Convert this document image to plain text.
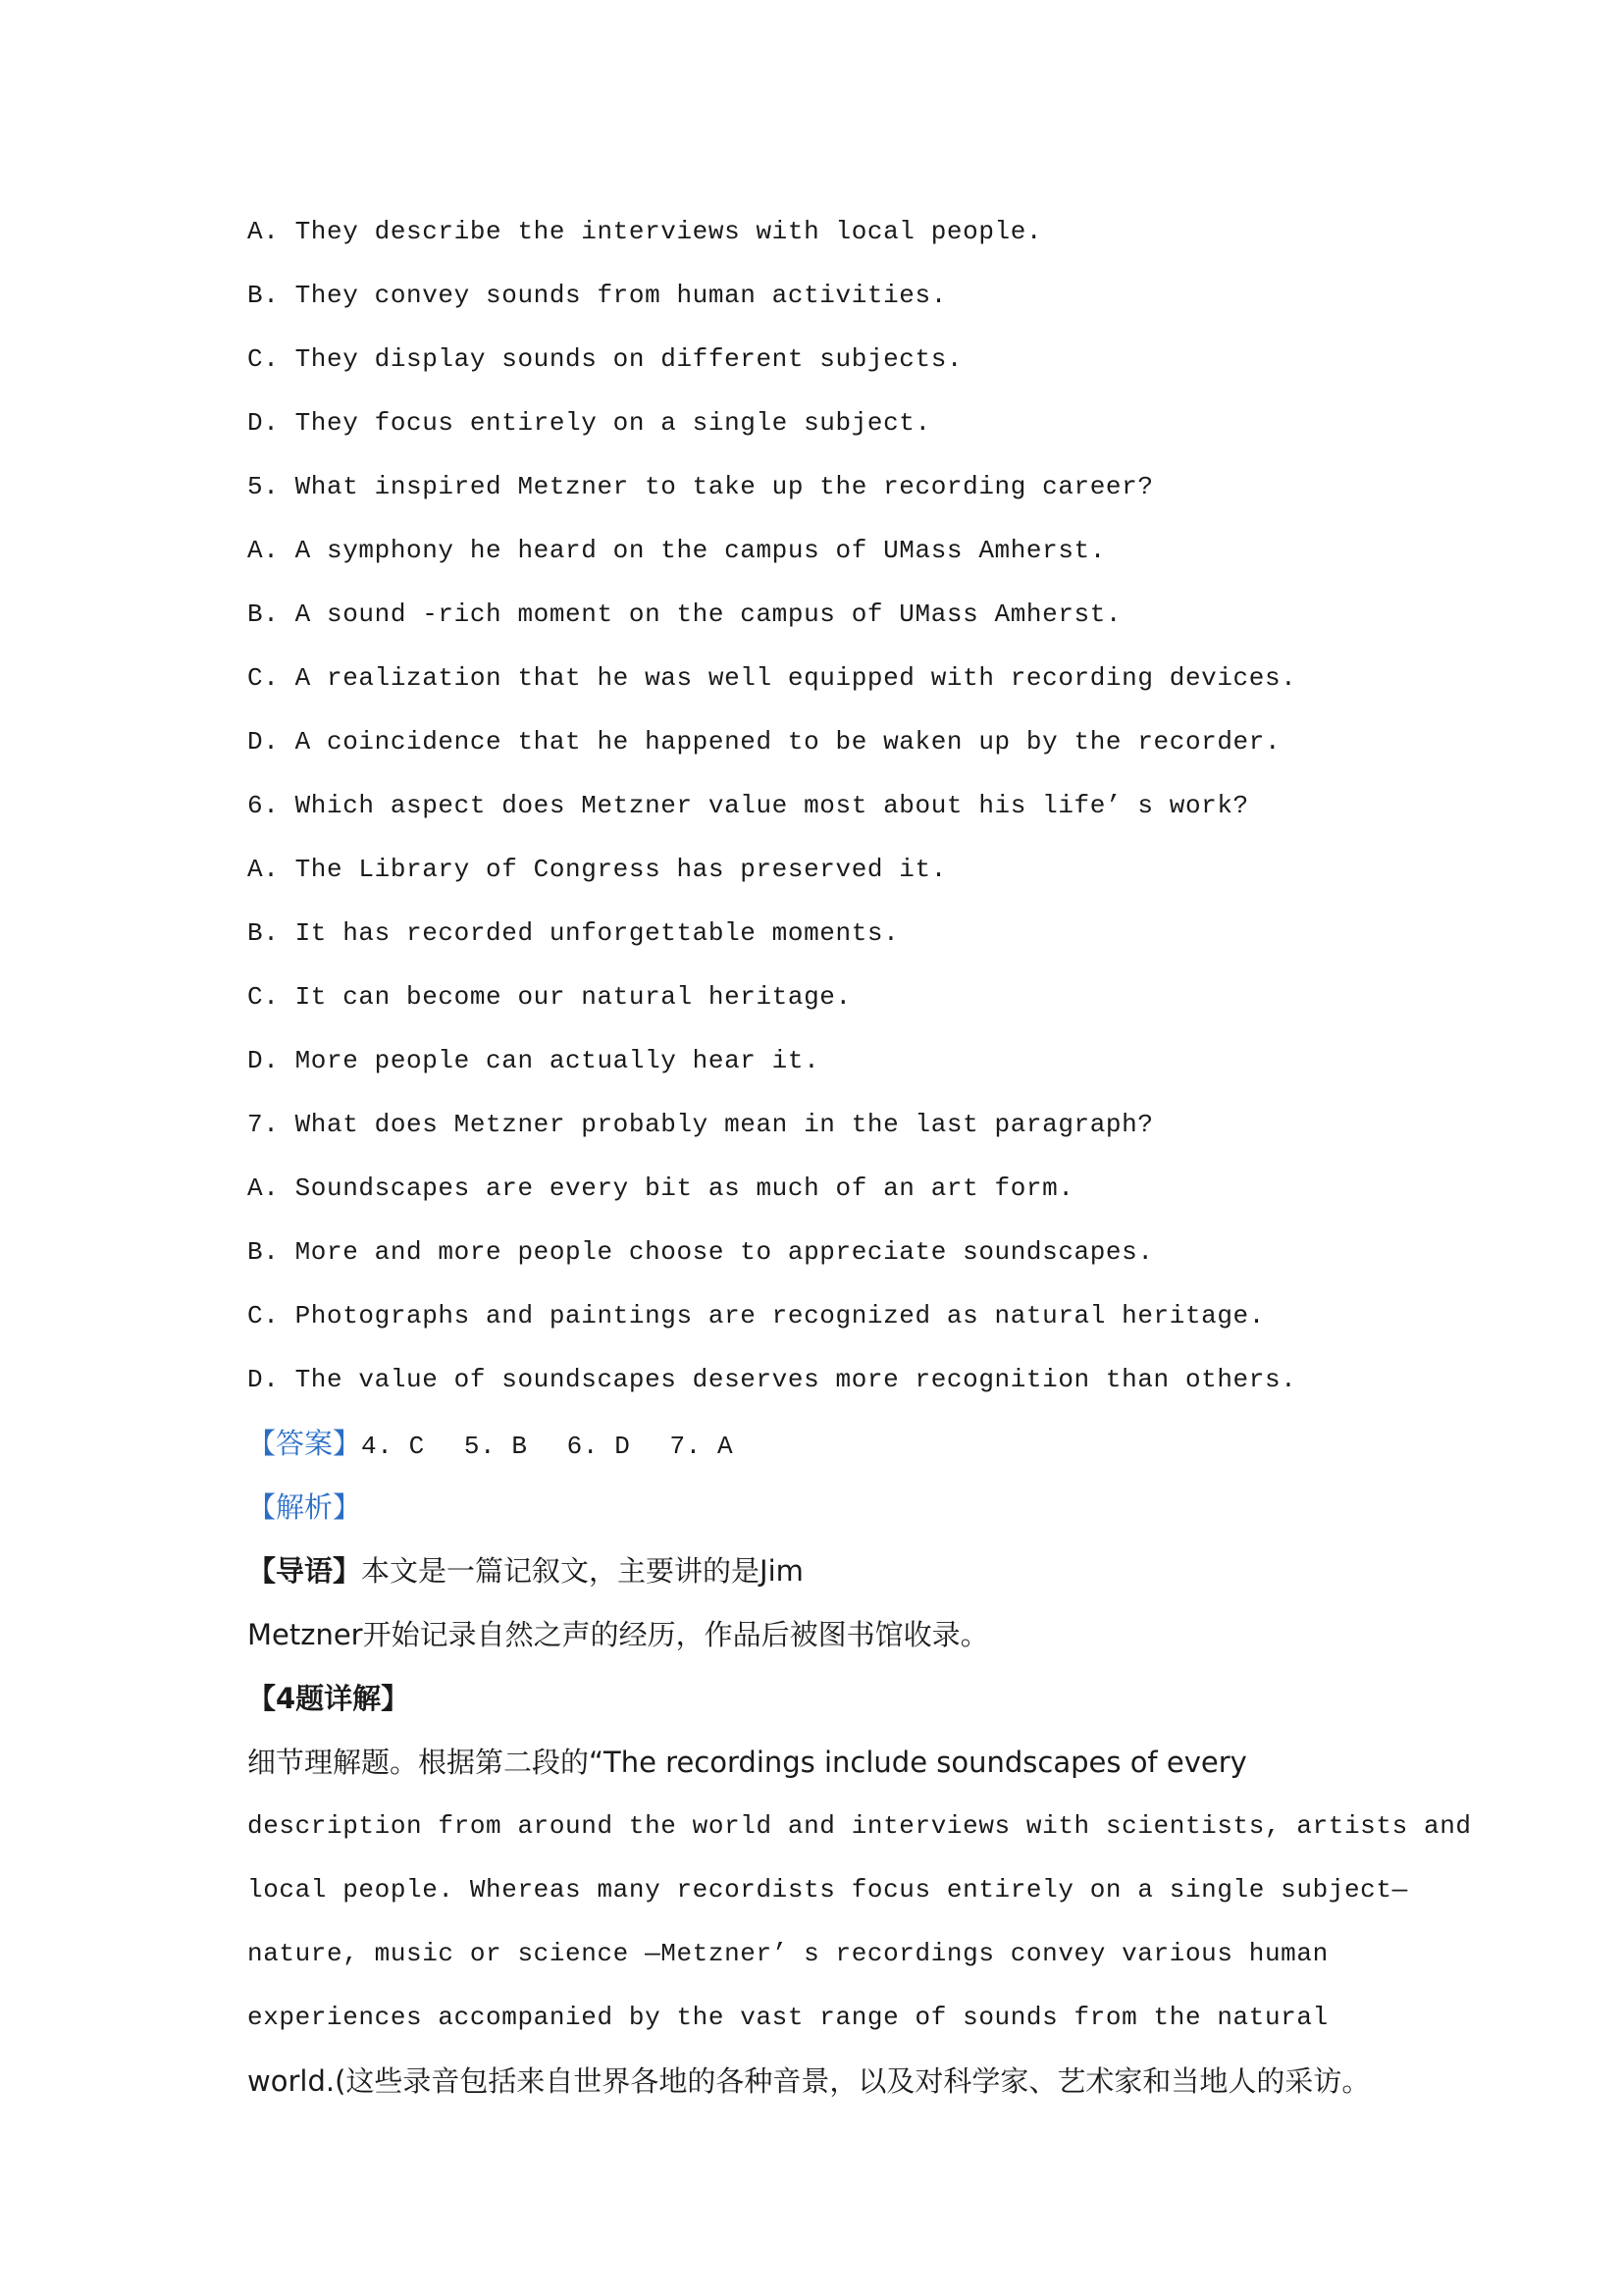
A. They describe the interviews with local people.
B. They convey sounds from human activities.
C. They display sounds on different subjects.
D. They focus entirely on a single subject.
5. What inspired Metzner to take up the recording career?
A. A symphony he heard on the campus of UMass Amherst.
B. A sound -rich moment on the campus of UMass Amherst.
C. A realization that he was well equipped with recording devices.
D. A coincidence that he happened to be waken up by the recorder.
6. Which aspect does Metzner value most about his life’ s work?
A. The Library of Congress has preserved it.
B. It has recorded unforgettable moments.
C. It can become our natural heritage.
D. More people can actually hear it.
7. What does Metzner probably mean in the last paragraph?
A. Soundscapes are every bit as much of an art form.
B. More and more people choose to appreciate soundscapes.
C. Photographs and paintings are recognized as natural heritage.
D. The value of soundscapes deserves more recognition than others.
【答案】4. C 5. B 6. D 7. A
【解析】
【导语】本文是一篇记叙文，主要讲的是Jim
Metzner开始记录自然之声的经历，作品后被图书馆收录。
【4题详解】
细节理解题。根据第二段的“The recordings include soundscapes of every
description from around the world and interviews with scientists, artists and
local people. Whereas many recordists focus entirely on a single subject—
nature, music or science —Metzner’ s recordings convey various human
experiences accompanied by the vast range of sounds from the natural
world.(这些录音包括来自世界各地的各种音景，以及对科学家、艺术家和当地人的采访。
